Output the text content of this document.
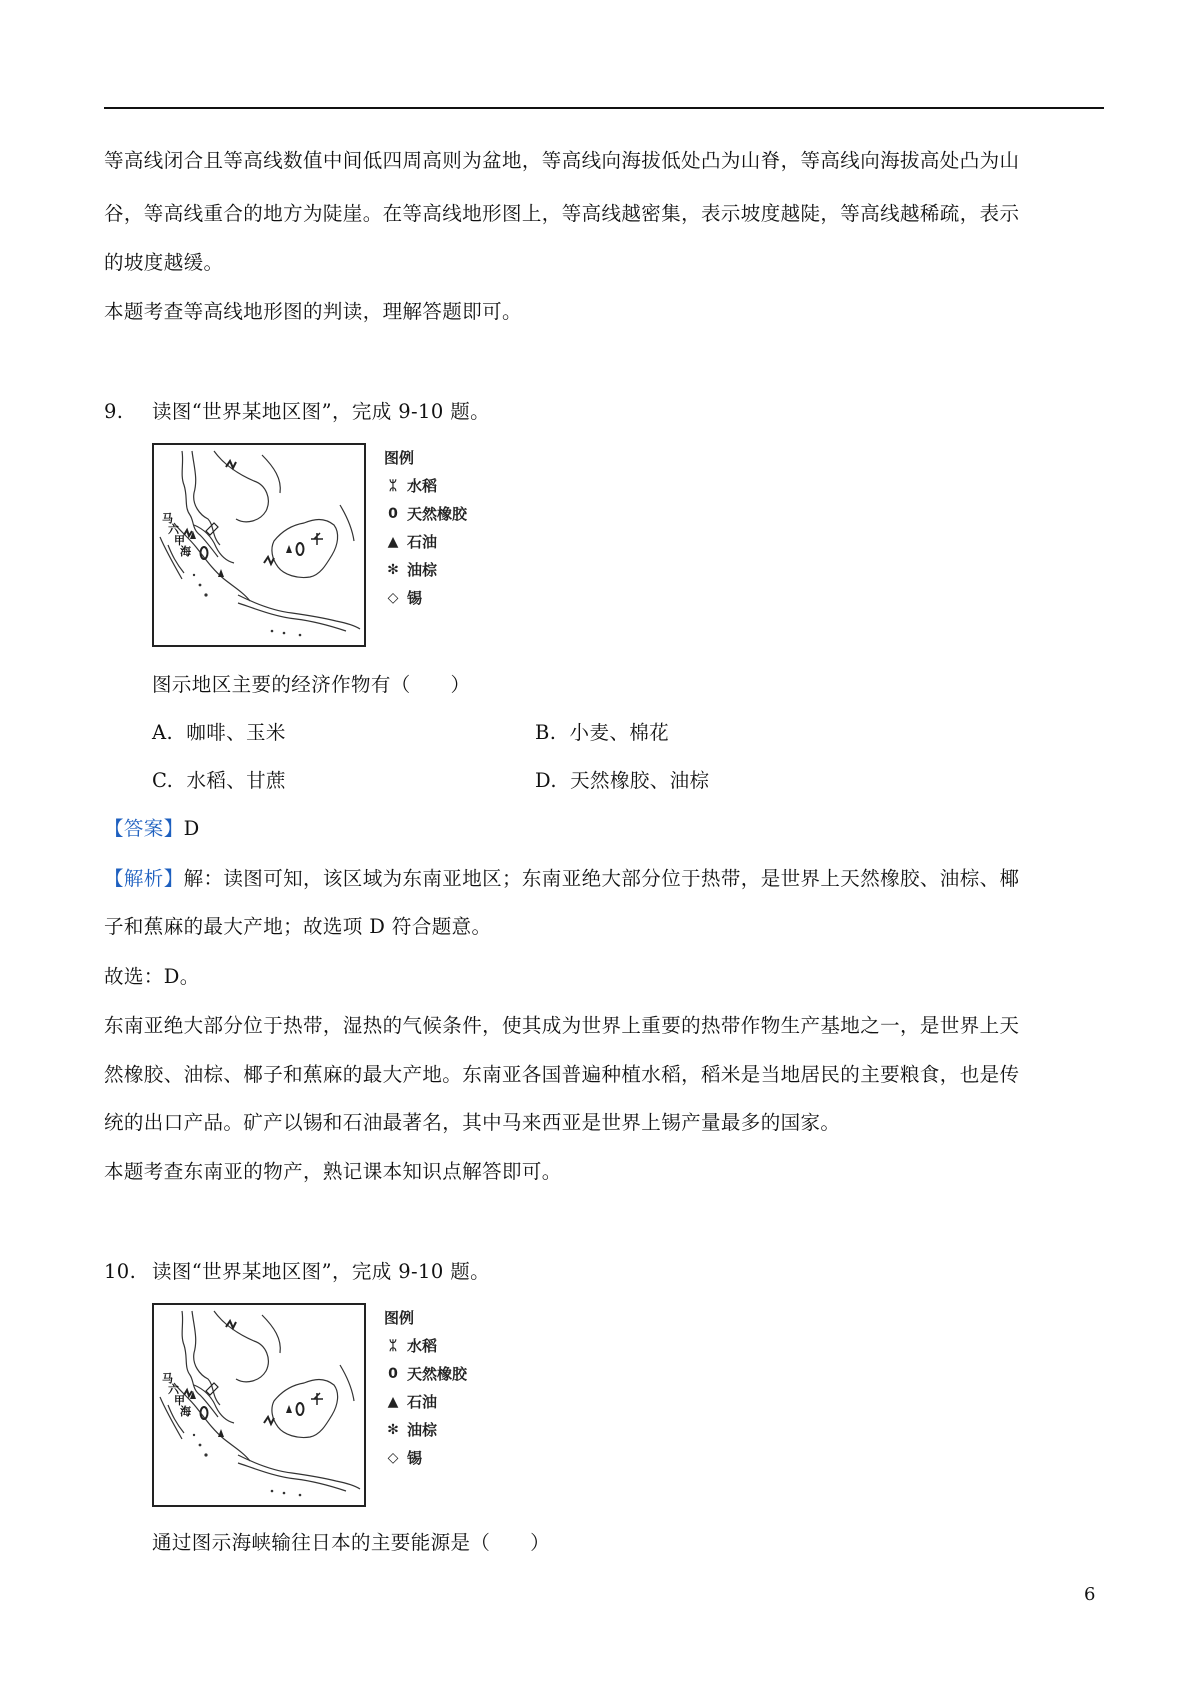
等高线闭合且等高线数值中间低四周高则为盆地，等高线向海拔低处凸为山脊，等高线向海拔高处凸为山
谷，等高线重合的地方为陡崖。在等高线地形图上，等高线越密集，表示坡度越陡，等高线越稀疏，表示
的坡度越缓。
本题考查等高线地形图的判读，理解答题即可。
9. 读图“世界某地区图”，完成 9-10 题。
马
六
甲
海
图例
ᛯ 水稻
0 天然橡胶
▲ 石油
✻ 油棕
◇ 锡
图示地区主要的经济作物有（　　）
A. 咖啡、玉米	B. 小麦、棉花
C. 水稻、甘蔗	D. 天然橡胶、油棕
【答案】D
【解析】解：读图可知，该区域为东南亚地区；东南亚绝大部分位于热带，是世界上天然橡胶、油棕、椰
子和蕉麻的最大产地；故选项 D 符合题意。
故选：D。
东南亚绝大部分位于热带，湿热的气候条件，使其成为世界上重要的热带作物生产基地之一，是世界上天
然橡胶、油棕、椰子和蕉麻的最大产地。东南亚各国普遍种植水稻，稻米是当地居民的主要粮食，也是传
统的出口产品。矿产以锡和石油最著名，其中马来西亚是世界上锡产量最多的国家。
本题考查东南亚的物产，熟记课本知识点解答即可。
10. 读图“世界某地区图”，完成 9-10 题。
马
六
甲
海
图例
ᛯ 水稻
0 天然橡胶
▲ 石油
✻ 油棕
◇ 锡
通过图示海峡输往日本的主要能源是（　　）
6
